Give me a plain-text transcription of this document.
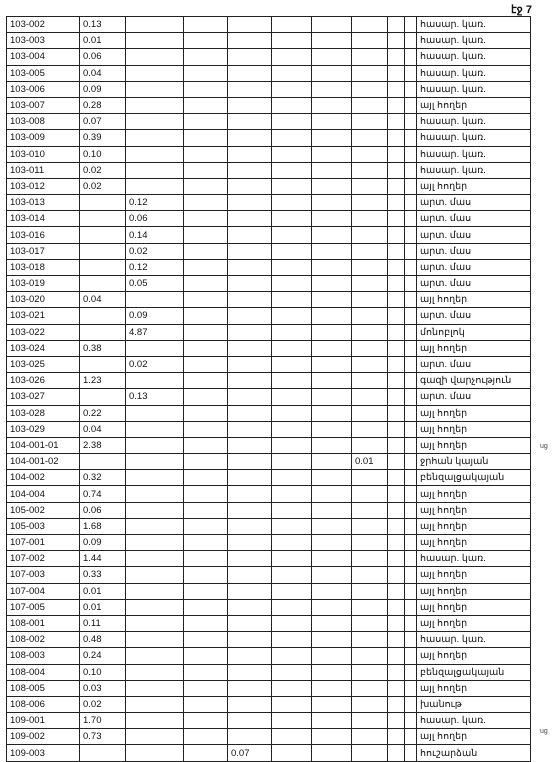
էջ 7
103-002	0.13									հասար. կառ.
103-003	0.01									հասար. կառ.
103-004	0.06									հասար. կառ.
103-005	0.04									հասար. կառ.
103-006	0.09									հասար. կառ.
103-007	0.28									այլ հողեր
103-008	0.07									հասար. կառ.
103-009	0.39									հասար. կառ.
103-010	0.10									հասար. կառ.
103-011	0.02									հասար. կառ.
103-012	0.02									այլ հողեր
103-013		0.12								արտ. մաս
103-014		0.06								արտ. մաս
103-016		0.14								արտ. մաս
103-017		0.02								արտ. մաս
103-018		0.12								արտ. մաս
103-019		0.05								արտ. մաս
103-020	0.04									այլ հողեր
103-021		0.09								արտ. մաս
103-022		4.87								մոնոբլոկ
103-024	0.38									այլ հողեր
103-025		0.02								արտ. մաս
103-026	1.23									գազի վարչություն
103-027		0.13								արտ. մաս
103-028	0.22									այլ հողեր
103-029	0.04									այլ հողեր
104-001-01	2.38									այլ հողեր
104-001-02							0.01			ջրհան կայան
104-002	0.32									բենզալցակայան
104-004	0.74									այլ հողեր
105-002	0.06									այլ հողեր
105-003	1.68									այլ հողեր
107-001	0.09									այլ հողեր
107-002	1.44									հասար. կառ.
107-003	0.33									այլ հողեր
107-004	0.01									այլ հողեր
107-005	0.01									այլ հողեր
108-001	0.11									այլ հողեր
108-002	0.48									հասար. կառ.
108-003	0.24									այլ հողեր
108-004	0.10									բենզալցակայան
108-005	0.03									այլ հողեր
108-006	0.02									խանութ
109-001	1.70									հասար. կառ.
109-002	0.73									այլ հողեր
109-003				0.07						հուշարձան
ug
ug
